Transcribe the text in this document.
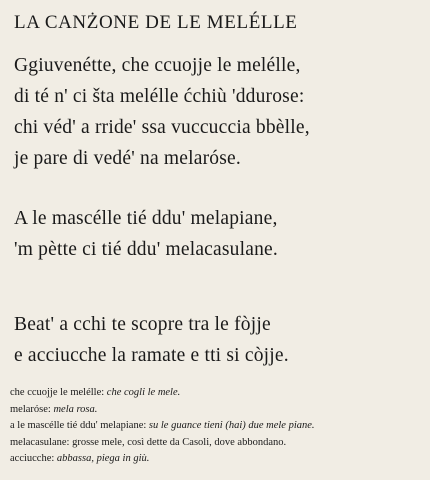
LA CANŻONE DE LE MELÉLLE

Ggiuvenétte, che ccuojje le melélle,
di té n' ci šta melélle ćchiù 'ddurose:
chi véd' a rride' ssa vuccuccia bbèlle,
je pare di vedé' na melaróse.

A le mascélle tié ddu' melapiane,
'm pètte ci tié ddu' melacasulane.

Beat' a cchi te scopre tra le fòjje
e acciucche la ramate e tti si còjje.

che ccuojje le melélle: che cogli le mele.
melaróse: mela rosa.
a le mascélle tié ddu' melapiane: su le guance tieni (hai) due mele piane.
melacasulane: grosse mele, così dette da Casoli, dove abbondano.
acciucche: abbassa, piega in giù.
